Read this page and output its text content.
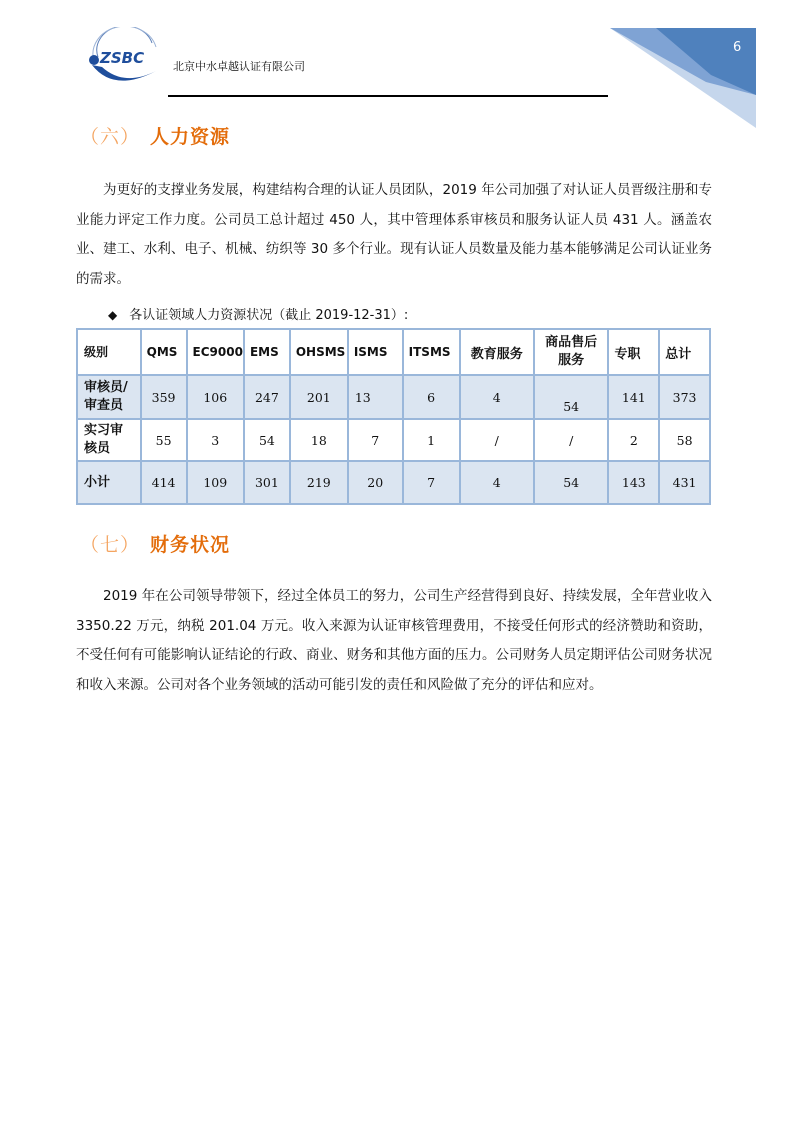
ZSBC	北京中水卓越认证有限公司
6
（六） 人力资源

为更好的支撑业务发展，构建结构合理的认证人员团队，2019 年公司加强了对认证人员晋级注册和专业能力评定工作力度。公司员工总计超过 450 人，其中管理体系审核员和服务认证人员 431 人。涵盖农业、建工、水利、电子、机械、纺织等 30 多个行业。现有认证人员数量及能力基本能够满足公司认证业务的需求。

◆ 各认证领域人力资源状况（截止 2019-12-31）:
级别	QMS	EC9000	EMS	OHSMS	ISMS	ITSMS	教育服务	商品售后服务	专职	总计
审核员/审查员	359	106	247	201	13	6	4	54	141	373
实习审核员	55	3	54	18	7	1	/	/	2	58
小计	414	109	301	219	20	7	4	54	143	431
（七） 财务状况

2019 年在公司领导带领下，经过全体员工的努力，公司生产经营得到良好、持续发展，全年营业收入 3350.22 万元，纳税 201.04 万元。收入来源为认证审核管理费用，不接受任何形式的经济赞助和资助，不受任何有可能影响认证结论的行政、商业、财务和其他方面的压力。公司财务人员定期评估公司财务状况和收入来源。公司对各个业务领域的活动可能引发的责任和风险做了充分的评估和应对。
